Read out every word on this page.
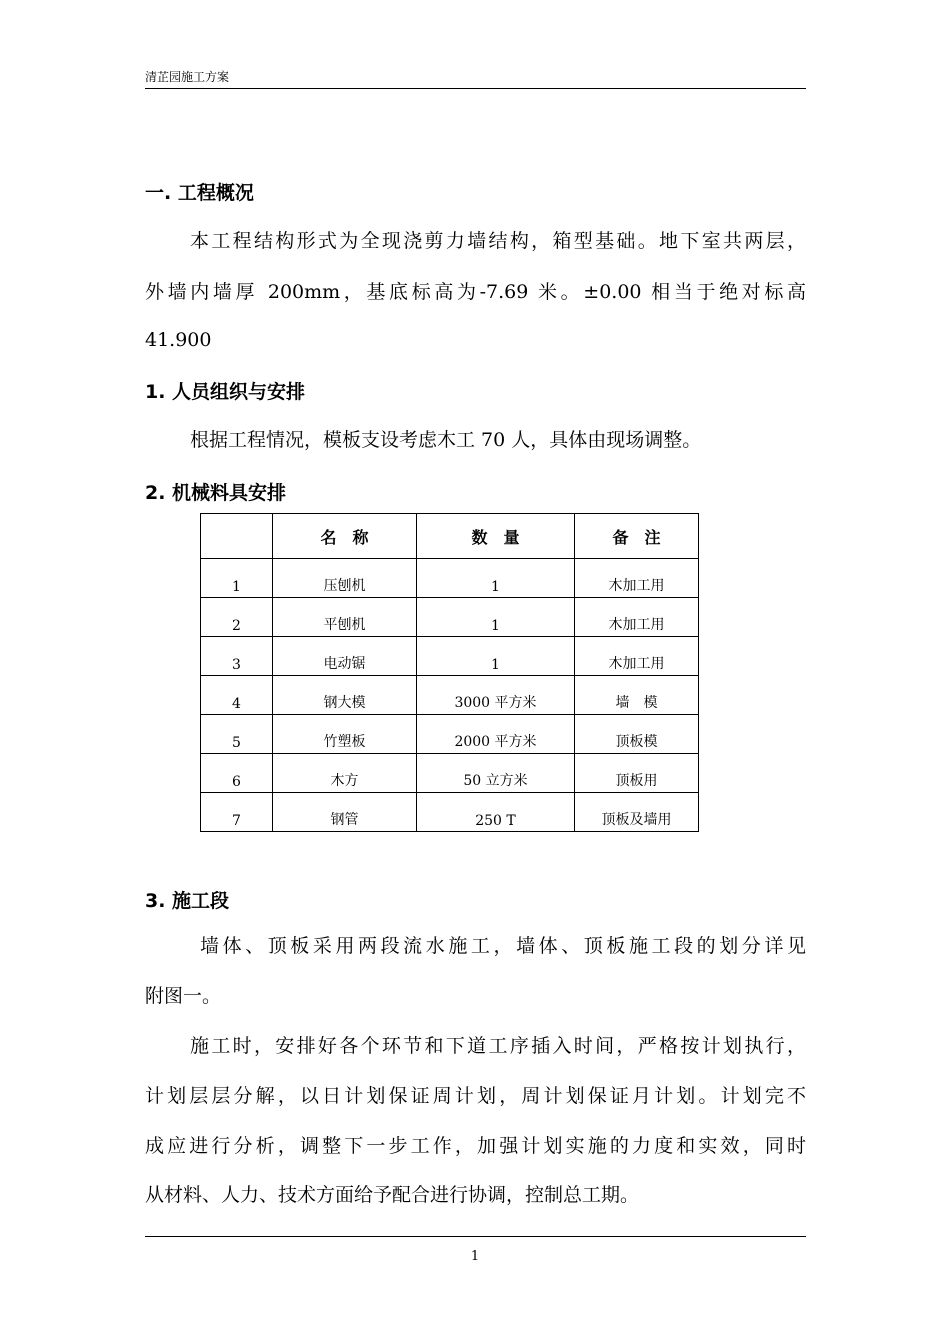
清芷园施工方案
一. 工程概况
本工程结构形式为全现浇剪力墙结构，箱型基础。地下室共两层，
外墙内墙厚 200mm，基底标高为-7.69 米。±0.00 相当于绝对标高
41.900
1. 人员组织与安排
根据工程情况，模板支设考虑木工 70 人，具体由现场调整。
2. 机械料具安排
	名　称	数　量	备　注
1	压刨机	1	木加工用
2	平刨机	1	木加工用
3	电动锯	1	木加工用
4	钢大模	3000 平方米	墙　模
5	竹塑板	2000 平方米	顶板模
6	木方	50 立方米	顶板用
7	钢管	250 T	顶板及墙用
3. 施工段
墙体、顶板采用两段流水施工，墙体、顶板施工段的划分详见
附图一。
施工时，安排好各个环节和下道工序插入时间，严格按计划执行，
计划层层分解，以日计划保证周计划，周计划保证月计划。计划完不
成应进行分析，调整下一步工作，加强计划实施的力度和实效，同时
从材料、人力、技术方面给予配合进行协调，控制总工期。
1
